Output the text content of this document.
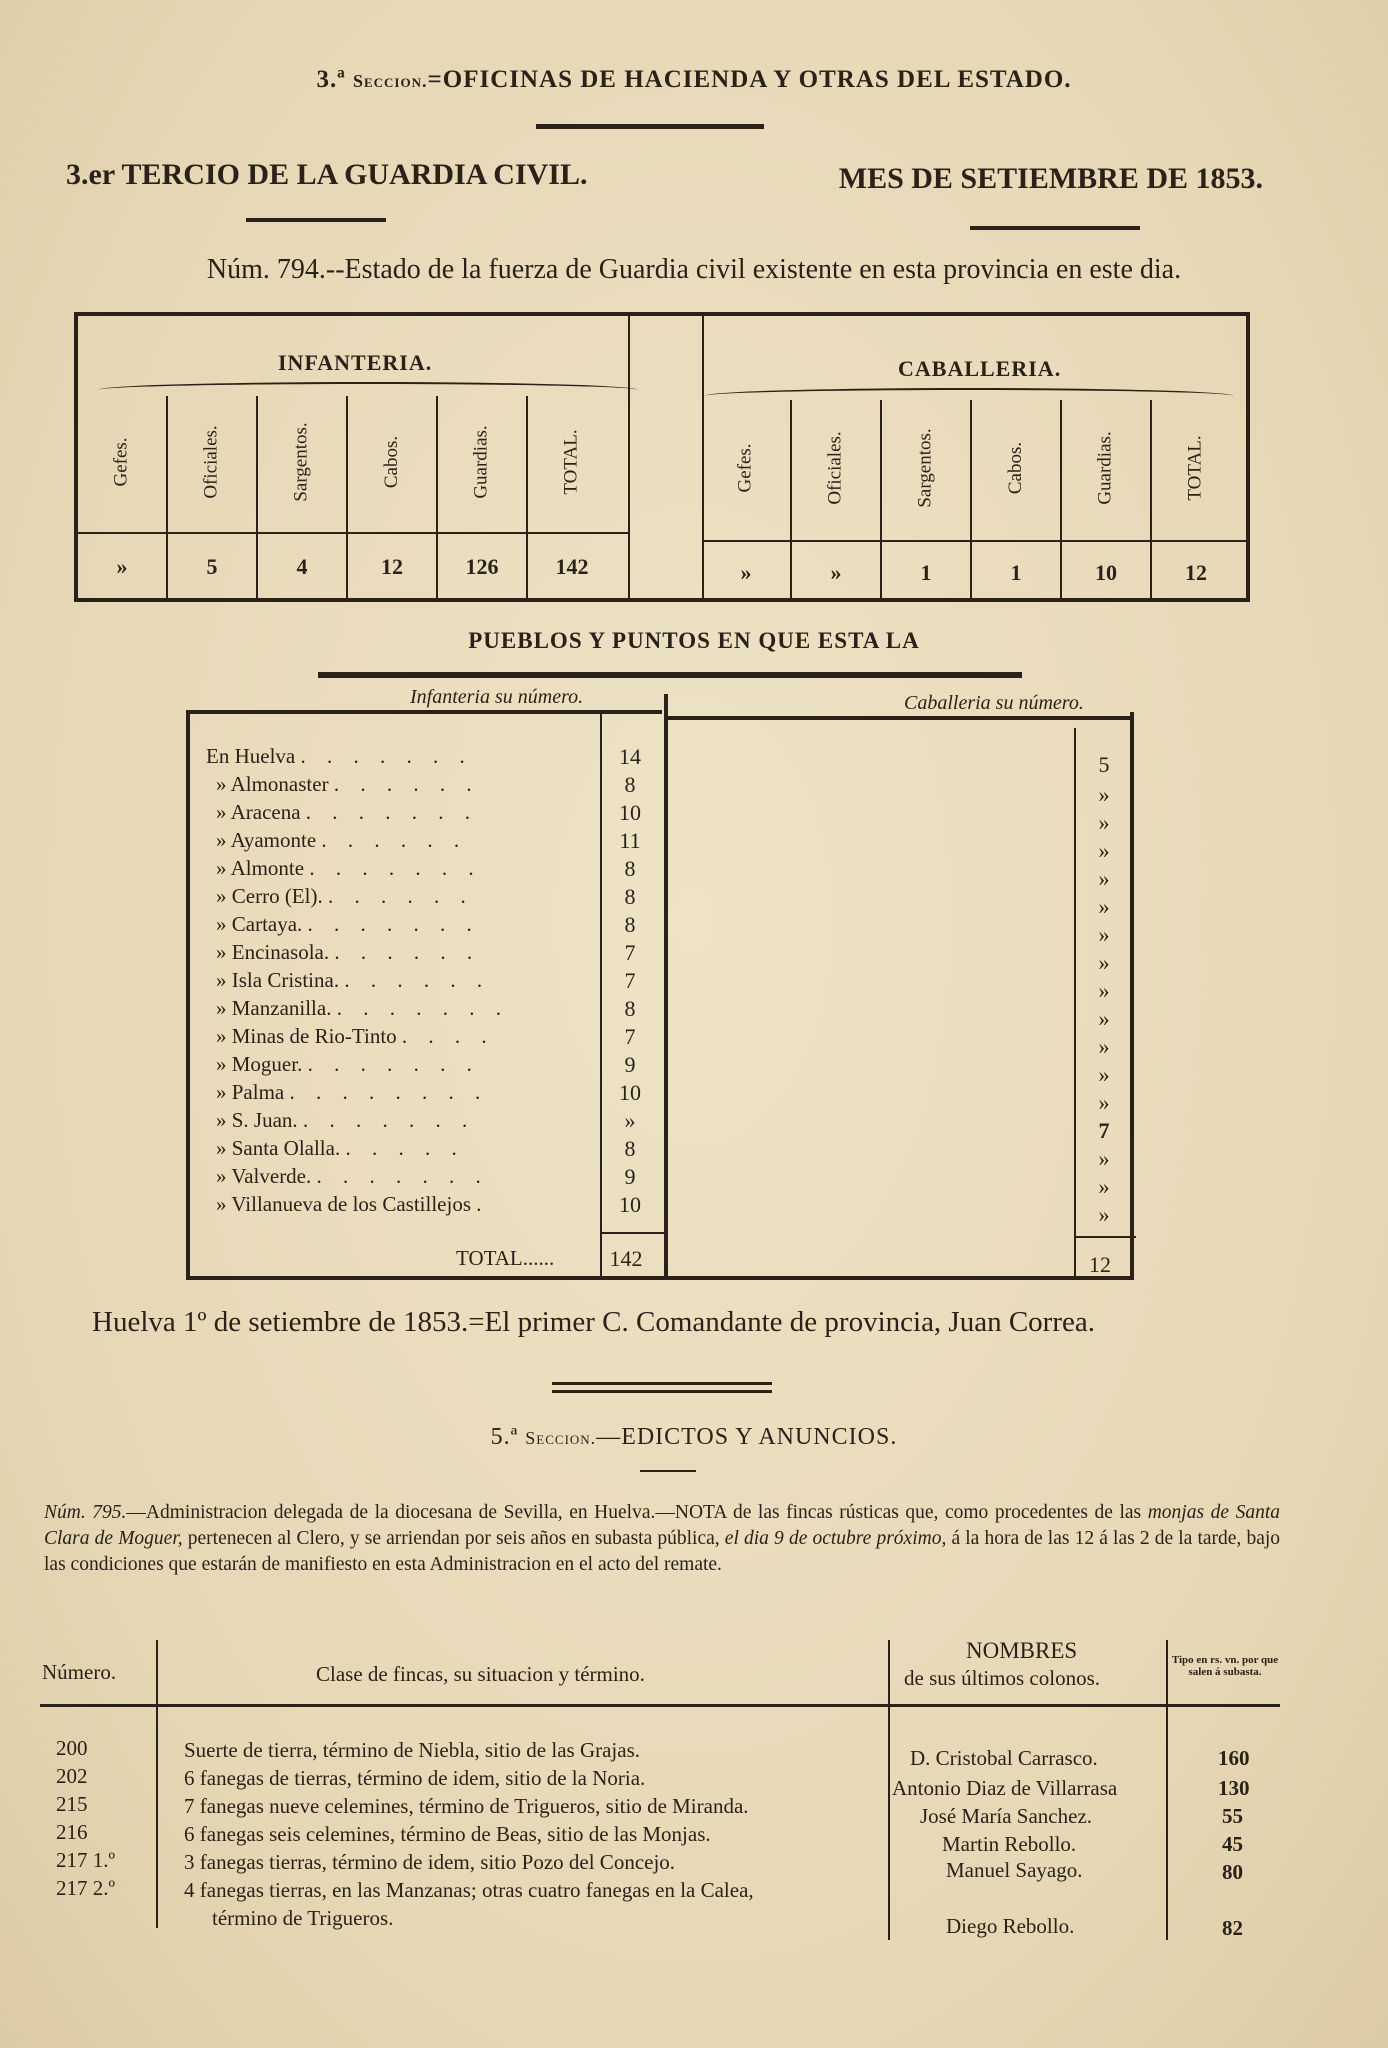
3.ª Seccion.=OFICINAS DE HACIENDA Y OTRAS DEL ESTADO.
3.er TERCIO DE LA GUARDIA CIVIL.	MES DE SETIEMBRE DE 1853.
Núm. 794.--Estado de la fuerza de Guardia civil existente en esta provincia en este dia.
INFANTERIA.	CABALLERIA.
Gefes.	Oficiales.	Sargentos.	Cabos.	Guardias.	TOTAL.	Gefes.	Oficiales.	Sargentos.	Cabos.	Guardias.	TOTAL.
»	5	4	12	126	142	»	»	1	1	10	12
PUEBLOS Y PUNTOS EN QUE ESTA LA
Infanteria su número.	Caballeria su número.
En Huelva . . . . . . .	14	5
» Almonaster . . . . . .	8	»
» Aracena . . . . . . .	10	»
» Ayamonte . . . . . .	11	»
» Almonte . . . . . . .	8	»
» Cerro (El). . . . . . .	8	»
» Cartaya. . . . . . . .	8	»
» Encinasola. . . . . . .	7	»
» Isla Cristina. . . . . . .	7	»
» Manzanilla. . . . . . . .	8	»
» Minas de Rio-Tinto . . . .	7	»
» Moguer. . . . . . . .	9	»
» Palma . . . . . . . .	10	»
» S. Juan. . . . . . . .	»	7
» Santa Olalla. . . . . .	8	»
» Valverde. . . . . . . .	9	»
» Villanueva de los Castillejos .	10	»
TOTAL......	142	12
Huelva 1º de setiembre de 1853.=El primer C. Comandante de provincia, Juan Correa.
5.ª Seccion.—EDICTOS Y ANUNCIOS.
Núm. 795.—Administracion delegada de la diocesana de Sevilla, en Huelva.—NOTA de las fincas rústicas que, como procedentes de las monjas de Santa Clara de Moguer, pertenecen al Clero, y se arriendan por seis años en subasta pública, el dia 9 de octubre próximo, á la hora de las 12 á las 2 de la tarde, bajo las condiciones que estarán de manifiesto en esta Administracion en el acto del remate.
Número.	Clase de fincas, su situacion y término.
NOMBRES
de sus últimos colonos.
Tipo en rs. vn. por que salen á subasta.
200	Suerte de tierra, término de Niebla, sitio de las Grajas.	D. Cristobal Carrasco.	160
202	6 fanegas de tierras, término de idem, sitio de la Noria.	Antonio Diaz de Villarrasa	130
215	7 fanegas nueve celemines, término de Trigueros, sitio de Miranda.	José María Sanchez.	55
216	6 fanegas seis celemines, término de Beas, sitio de las Monjas.	Martin Rebollo.	45
217 1.º	3 fanegas tierras, término de idem, sitio Pozo del Concejo.	Manuel Sayago.	80
217 2.º	4 fanegas tierras, en las Manzanas; otras cuatro fanegas en la Calea,
término de Trigueros.	Diego Rebollo.	82
